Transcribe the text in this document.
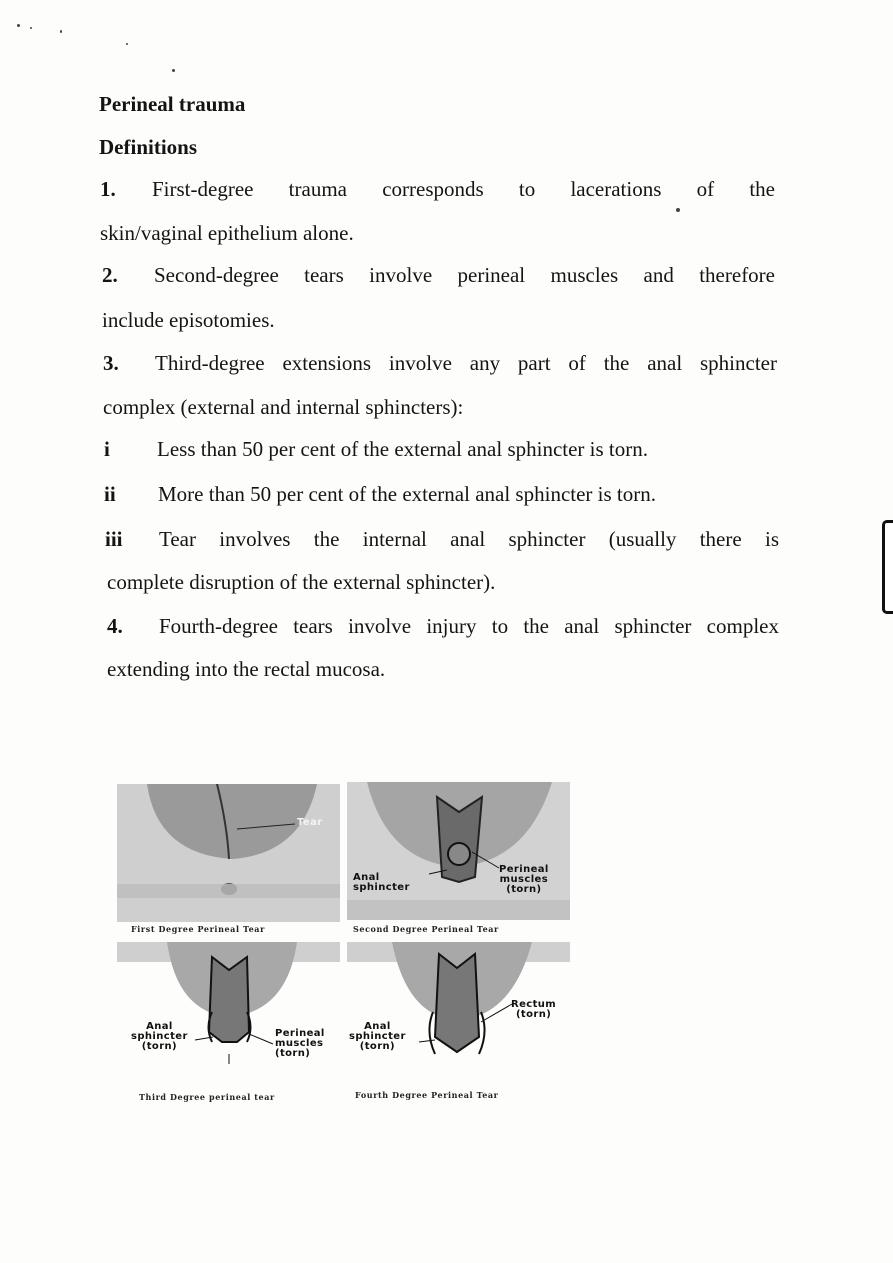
Perineal trauma
Definitions
1. First-degree trauma corresponds to lacerations of the
skin/vaginal epithelium alone.
2. Second-degree tears involve perineal muscles and therefore
include episotomies.
3. Third-degree extensions involve any part of the anal sphincter
complex (external and internal sphincters):
i Less than 50 per cent of the external anal sphincter is torn.
ii More than 50 per cent of the external anal sphincter is torn.
iii Tear involves the internal anal sphincter (usually there is
complete disruption of the external sphincter).
4. Fourth-degree tears involve injury to the anal sphincter complex
extending into the rectal mucosa.
Tear
First Degree Perineal Tear
Anal
sphincter
Perineal
muscles
(torn)
Second Degree Perineal Tear
Anal
sphincter
(torn)
Perineal
muscles
(torn)
Third Degree perineal tear
Anal
sphincter
(torn)
Rectum
(torn)
Fourth Degree Perineal Tear
